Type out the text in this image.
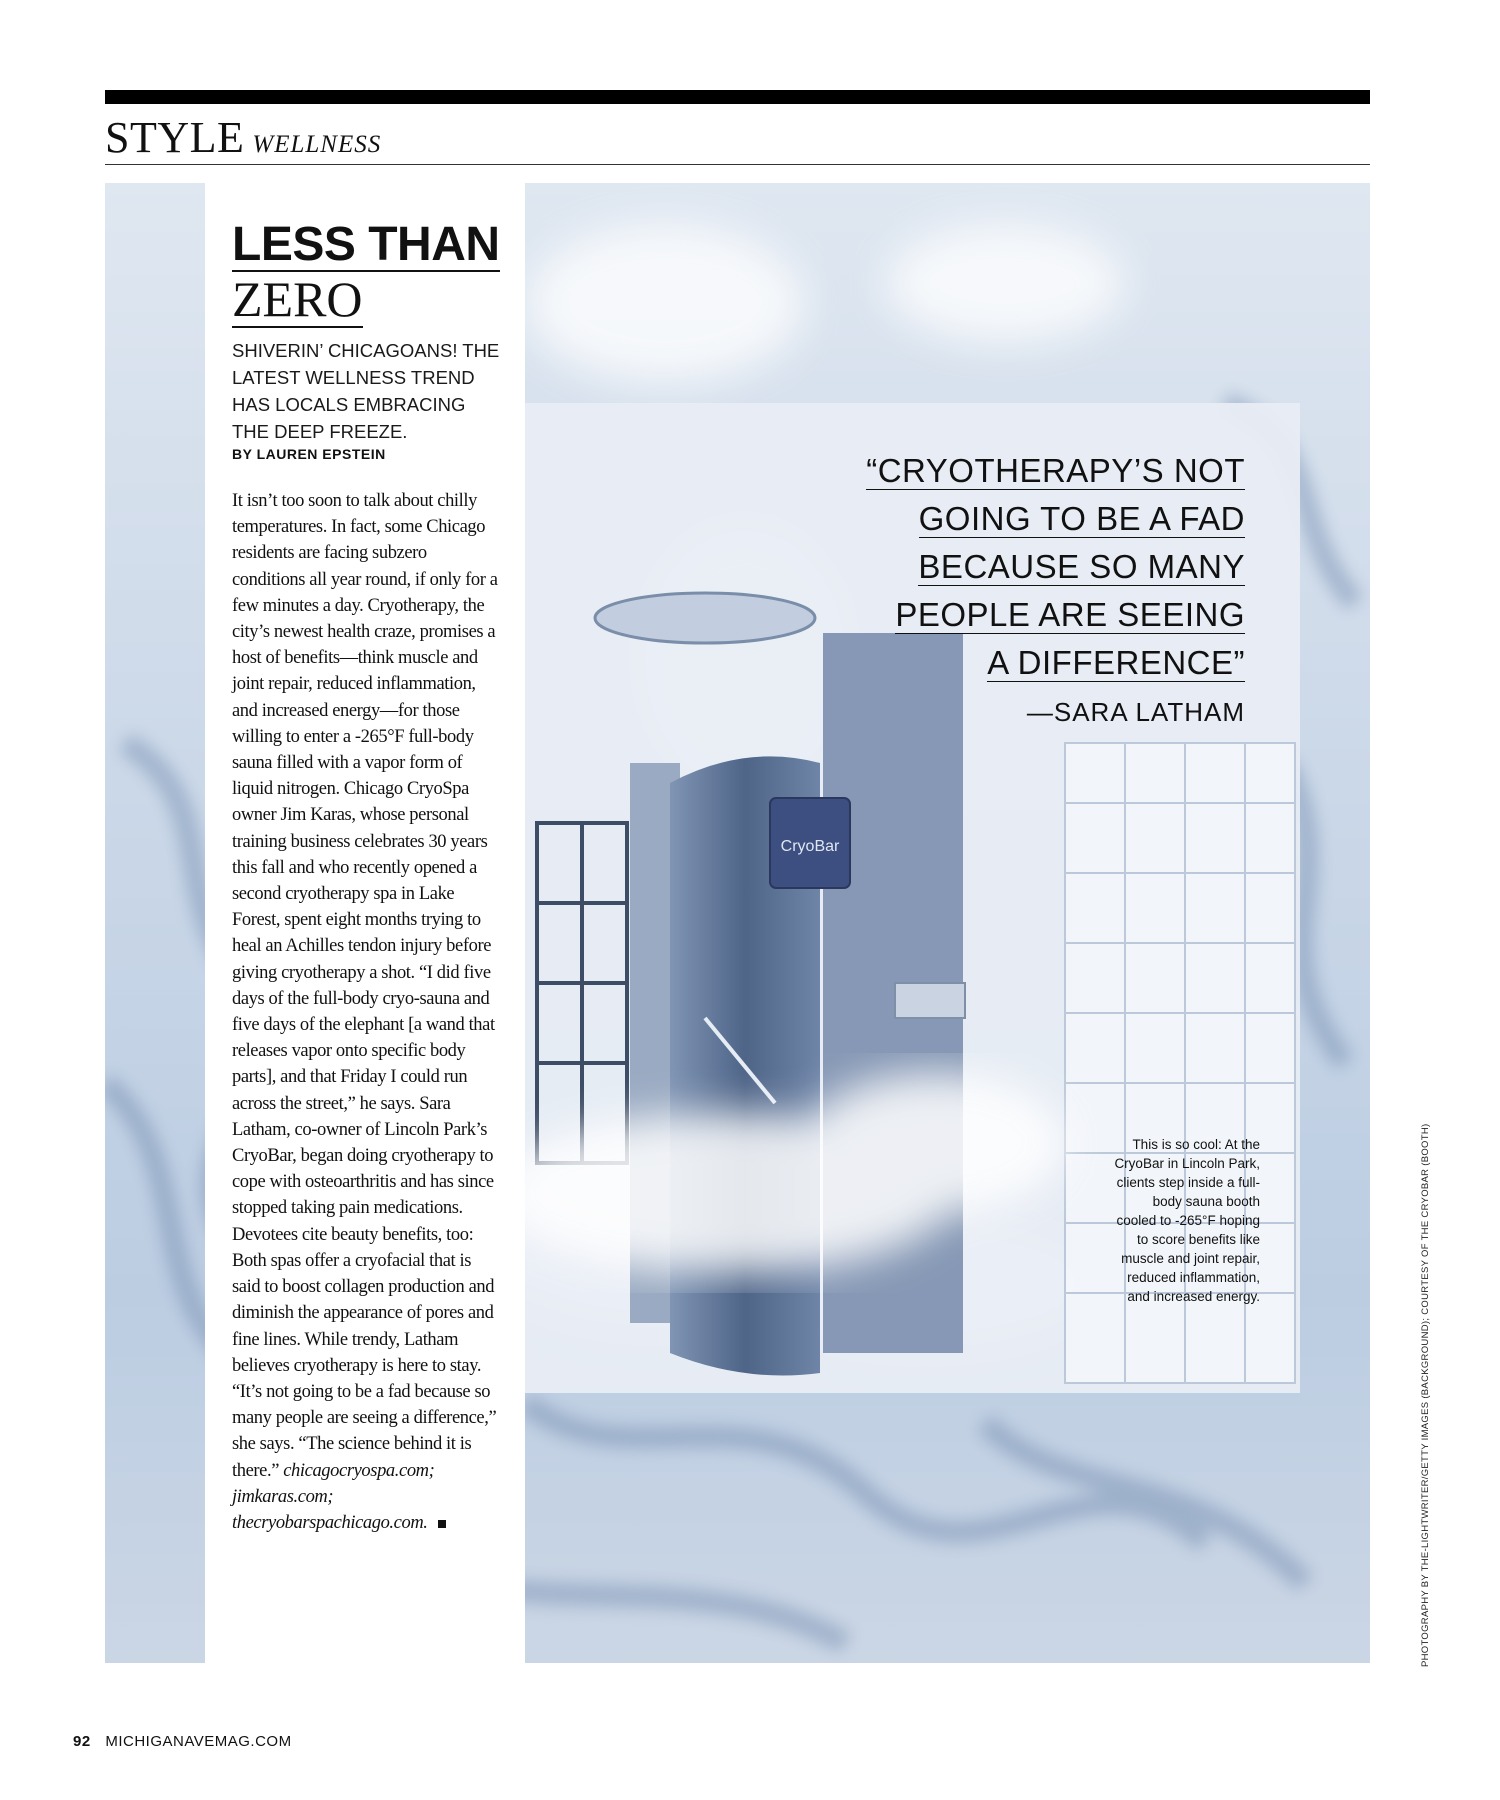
STYLE WELLNESS
CryoBar
LESS THAN
ZERO
SHIVERIN’ CHICAGOANS! THE LATEST WELLNESS TREND HAS LOCALS EMBRACING THE DEEP FREEZE.
BY LAUREN EPSTEIN
It isn’t too soon to talk about chilly temperatures. In fact, some Chicago residents are facing subzero conditions all year round, if only for a few minutes a day. Cryotherapy, the city’s newest health craze, promises a host of benefits—think muscle and joint repair, reduced inflammation, and increased energy—for those willing to enter a -265°F full-body sauna filled with a vapor form of liquid nitrogen. Chicago CryoSpa owner Jim Karas, whose personal training business celebrates 30 years this fall and who recently opened a second cryotherapy spa in Lake Forest, spent eight months trying to heal an Achilles tendon injury before giving cryotherapy a shot. “I did five days of the full-body cryo-sauna and five days of the elephant [a wand that releases vapor onto specific body parts], and that Friday I could run across the street,” he says. Sara Latham, co-owner of Lincoln Park’s CryoBar, began doing cryotherapy to cope with osteoarthritis and has since stopped taking pain medications. Devotees cite beauty benefits, too: Both spas offer a cryofacial that is said to boost collagen production and diminish the appearance of pores and fine lines. While trendy, Latham believes cryotherapy is here to stay. “It’s not going to be a fad because so many people are seeing a difference,” she says. “The science behind it is there.” chicagocryospa.com; jimkaras.com; thecryobarspachicago.com.
“CRYOTHERAPY’S NOT
GOING TO BE A FAD
BECAUSE SO MANY
PEOPLE ARE SEEING
A DIFFERENCE”
—SARA LATHAM
This is so cool: At the CryoBar in Lincoln Park, clients step inside a full-body sauna booth cooled to -265°F hoping to score benefits like muscle and joint repair, reduced inflammation, and increased energy.	PHOTOGRAPHY BY THE-LIGHTWRITER/GETTY IMAGES (BACKGROUND); COURTESY OF THE CRYOBAR (BOOTH)
92 MICHIGANAVEMAG.COM
